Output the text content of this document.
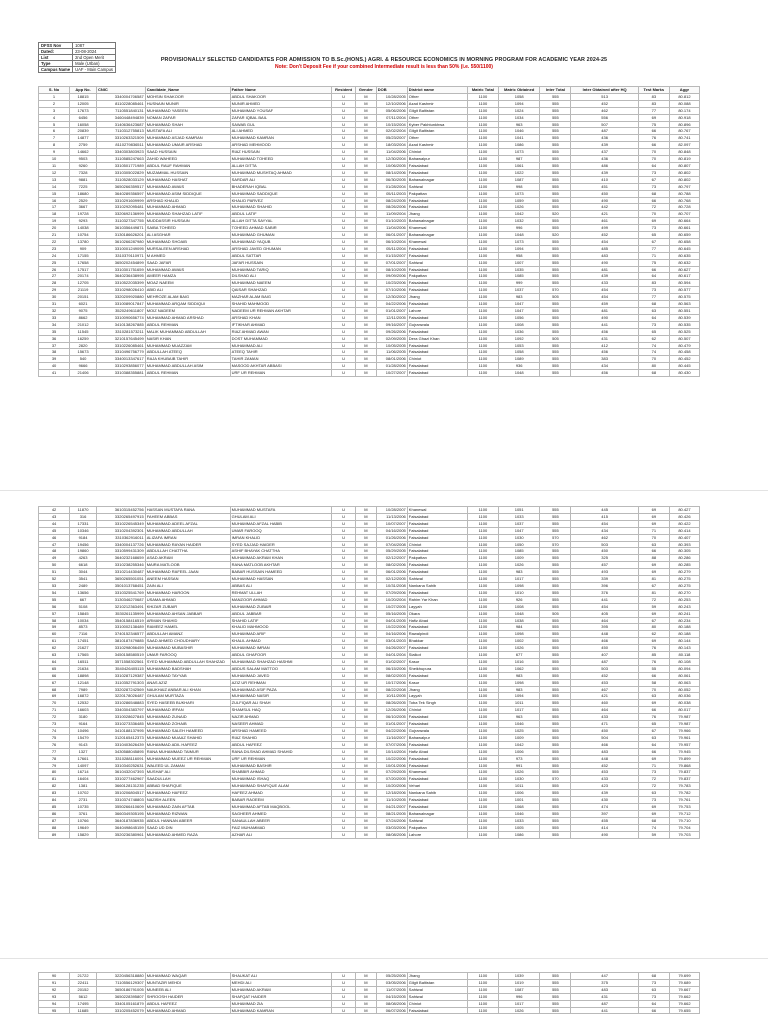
DFSS Nov	1087
Dated:	23-08-2024
List	2nd Open Merit
Type	Male (Urban)
Campus Name	UAF - Main Campus
PROVISIONALLY SELECTED CANDIDATES FOR ADMISSION TO B.Sc.(HONS.) AGRI. & RESOURCE ECONOMICS IN MORNING PROGRAM FOR ACADEMIC YEAR 2024-25
Note: Don't Deposit Fee if your combined Intermediate result is less than 50% (i.e. 550/1100)
S. No	App No.	CNIC	Candidate_Name	Father Name	Resident	Gender	DOB	District name	Matric Total	Matric Obtained	Inter Total	Inter Obtained after HQ	Test Marks	Aggr
1	18815	3340004706587	MOHSIN SHAKOOR	ABDUL SHAKOOR	U	M	10/28/2005	Other	1100	1058	555	513	83	80.812
2	12005	8110228085461	HUSNAIN MUNIR	MUNIR AHMED	U	M	12/10/2006	Azad Kashmir	1100	1094	555	452	83	80.088
3	17673	7110551840131	MUHAMMAD YASEEN	MUHAMMAD YOUSAF	U	M	05/06/2006	Gilgit Baltistan	1100	1024	555	462	77	80.174
4	6456	3460448494839	NOMAN ZAFAR	ZAFAR IQBAL BAIL	U	M	07/11/2004	Other	1100	1034	555	556	69	80.918
5	16058	3140636423687	MUHAMMAD SHAH	SAWAB GUL	U	M	10/15/2004	Kyber Pakhtunkhwa	1100	963	555	507	75	80.896
6	20839	7110312755813	MUSTAFA ALI	ALI AHMED	U	M	02/02/2004	Gilgit Baltistan	1100	1046	555	487	66	80.767
7	14877	3310263321509	MUHAMMAD ASJAD KAMRAN	MUHAMMAD KAMRAN	U	M	05/23/2007	Other	1100	1041	555	436	76	80.741
8	2759	8110279836511	MUHAMMAD UMAIR ARSHAD	ARSHAD MEHMOOD	U	M	18/03/2004	Azad Kashmir	1100	1086	555	439	66	82.097
9	14662	3340303803923	SAAD HUSSAIN	RIAZ HUSSAIN	U	M	11/04/2006	Chiniot	1100	1073	555	437	70	80.848
10	9503	3110585247663	ZAHID WAHEED	MUHAMMAD TOHEED	U	M	12/30/2004	Bahawalpur	1100	987	555	436	70	80.819
11	9260	3310501771989	ABDUL RAUF RAHMAN	ALLAH DITTA	U	M	10/06/2005	Faisalabad	1100	1061	555	486	64	80.807
12	7328	3310305022829	MUZAMMAL HUSSAIN	MUHAMMAD MUSHTAQ AHMAD	U	M	08/14/2006	Faisalabad	1100	1022	555	439	73	80.802
13	9881	3110528033129	MUHAMMAD HASHAT	SARDAR ALI	U	M	06/30/2005	Bahawalnagar	1100	1087	555	410	67	80.802
14	7225	3650266359517	MUHAMMAD AWAIS	BHADERAH IQBAL	U	M	01/28/2004	Sahiwal	1100	998	555	451	73	80.797
15	18680	3640289356597	MUHAMMAD ASIM SIDDIQUE	MUHAMMAD SADDIQUE	U	M	05/11/2003	Pakpattan	1100	1073	555	450	68	80.788
16	2529	3310291609999	ARSHAD KHALID	KHALID PARVEZ	U	M	08/24/2005	Faisalabad	1100	1059	555	490	66	80.768
17	3667	3310292095481	MUHAMMAD AHMAD	MUHAMMAD SHAHID	U	M	08/26/2006	Faisalabad	1100	1026	555	442	72	80.728
18	19728	3320692136999	MUHAMMAD SHAHZAD LATIF	ABDUL LATIF	U	M	11/09/2004	Jhang	1100	1042	520	421	70	80.707
19	9293	3110327347755	MUDDASSIR HUSSAIN	ALLAH DITTA SAYYAL	U	M	01/10/2003	Bahawalnagar	1100	1032	555	461	69	80.664
20	14038	3610356449871	SAIBA TOHEED	TOHEED AHMAD SABIR	U	M	11/04/2006	Khanewal	1100	996	555	499	73	80.661
21	10754	3130186626201	ALI ASGHAR	MUHAMMAD GHUMAN	U	M	06/01/2007	Bahawalnagar	1100	1048	520	452	65	80.659
22	13780	3610266287980	MUHAMMAD SHOAIB	MUHAMMAD YAQUB	U	M	06/10/2004	Khanewal	1100	1073	555	454	67	80.658
23	909	3310001249095	MURSALEEN ARSHAD	ARSHAD JAVED GHUMAN	U	M	05/11/2004	Faisalabad	1100	1094	555	485	77	80.645
24	17155	3310379110971	M AHMED	ABDUL SATTAR	U	M	01/15/2007	Faisalabad	1100	958	555	483	71	80.635
25	17658	3650202454899	SAAD JAFAR	JAFAR HUSSAIN	U	M	07/01/2007	Sahiwal	1100	1007	555	490	75	80.632
26	17517	3310301751659	MUHAMMAD AWAIS	MUHAMMAD TARIQ	U	M	08/10/2005	Faisalabad	1100	1035	555	481	66	80.627
27	20174	3640236438995	AMEER HAMZA	DILSHAD ALI	U	M	09/09/2006	Pakpattan	1100	1085	555	439	64	80.617
28	12705	3310522035399	MOAZ NAEEM	MUHAMMAD NAEEM	U	M	10/23/2006	Faisalabad	1100	999	555	433	83	80.594
29	21119	3310298026410	ABID ALI	QAISAR SHAHZAD	U	M	07/10/2006	Faisalabad	1100	1037	570	454	73	80.577
30	20151	3320209920880	MEHROZE ALAM BAIG	MAZHAR ALAM BAIG	U	M	12/30/2002	Jhang	1100	983	505	454	77	80.575
31	6021	3310089017847	MUHAMMAD ARQAM SIDDIQUI	SHAHID MAHMOOD	U	M	04/22/2006	Faisalabad	1100	1047	555	459	68	80.563
32	9075	3520249611807	MOIZ NADEEM	NADEEM UR REHMAN AKHTAR	U	M	01/01/2007	Lahore	1100	1047	555	481	63	80.551
33	8662	3310090656774	MUHAMMAD AHMAD ARSHAD	ARSHAD KHAN	U	M	12/11/2005	Faisalabad	1100	1056	555	490	64	80.539
34	21012	3410138267885	ABDUL REHMAN	IFTIKHAR AHMAD	U	M	09/16/2007	Gujranwala	1100	1008	555	441	73	80.535
35	11545	3310281573211	MALIK MUHAMMAD ABDULLAH	RIAZ AHMAD AWAN	U	M	09/26/2006	Faisalabad	1100	1036	555	456	65	80.525
36	16259	3210157645499	NASIR KHAN	DOST MUHAMMAD	U	M	02/09/2005	Dera Ghazi Khan	1100	1092	505	431	62	80.507
37	2820	3310226085461	MUHAMMAD MUAZZAM	MUHAMMAD ALI	U	M	10/05/2005	Faisalabad	1100	1053	555	412	74	80.479
38	15673	3310496756779	ABDULLAH ATEEQ	ATEEQ TAHIR	U	M	11/06/2005	Faisalabad	1100	1058	555	456	74	80.458
39	540	3340013347617	RAJA KHUBAIB TAHIR	TAHIR ZAMAN	U	M	08/01/2006	Chiniot	1100	1089	555	383	70	80.452
40	9666	3310293856077	MUHAMMAD ABDULLAH ASIM	MASOOD AKHTAR ABBASI	U	M	01/28/2006	Faisalabad	1100	936	555	434	80	80.445
41	21406	3310388355881	ABDUL REHMAN	URF UR REHMAN	U	M	10/27/2007	Faisalabad	1100	1048	555	456	68	80.430
42	11870	3610315452756	HASSAN MUSTAFA RANA	MUHAMMAD MUSTAFA	U	M	10/28/2007	Khanewal	1100	1051	555	445	69	80.427
43	316	3320265497915	FAHEEM ABBAS	GHULAM ALI	U	M	11/13/2006	Faisalabad	1100	1033	555	415	69	80.426
44	17331	3310226545349	MUHAMMAD ADEEL AFZAL	MUHAMMAD AFZAL HABIB	U	M	10/07/2007	Faisalabad	1100	1037	555	454	69	80.422
45	10346	3310204392301	MUHAMMAD ABDULLAH	UMAR FAROOQ	U	M	04/16/2005	Faisalabad	1100	1047	555	434	71	80.414
46	9184	3310362916011	ALIZAFA IMRAN	IMRAN KHALID	U	M	01/26/2006	Faisalabad	1100	1030	570	462	70	80.407
47	19456	3340004137726	MUHAMMAD RAYAN HAIDER	SYED SAJJAD HAIDER	U	M	07/04/2008	Chiniot	1100	1050	570	503	63	80.393
48	19860	3310599431309	ABDULLAH CHATTHA	ASHIF BHAYAK CHATTHA	U	M	05/29/2005	Faisalabad	1100	1085	555	450	66	80.305
49	4263	3640232168659	ASAD AKRAM	MUHAMMAD AKRAM KHAN	U	M	02/12/2007	Pakpattan	1100	1009	555	325	88	80.286
50	6618	3310238255346	MAIRA MATLOOB	RANA MATLOOB AKHTAR	U	M	08/02/2006	Faisalabad	1100	1026	555	457	69	80.285
51	3044	3310214430487	MUHAMMAD RAFEEL JAAN	BABAR HUSSAIN HAMEED	U	M	06/01/2006	Faisalabad	1100	983	555	493	69	80.279
52	3541	3650265501051	ANEEM HASSAN	MUHAMMAD HASSAN	U	M	02/12/2005	Sahiwal	1100	1017	555	339	81	80.275
53	2489	3501013768451	ZAIN ALI	ABBAS ALI	U	M	10/31/2008	Nankana Sahib	1100	1098	555	396	67	80.275
54	13656	3310325541769	MUHAMMAD HAROON	REHMAT ULLAH	U	M	07/29/2006	Faisalabad	1100	1010	555	376	81	80.270
55	667	3130346270687	USAMA AHMAD	MANZOOR AHMAD	U	M	10/20/2004	Rahim Yar Khan	1100	926	555	441	72	80.253
56	5108	3210212363491	KHIZAR ZUBAIR	MUHAMMAD ZUBAIR	U	M	10/27/2005	Layyah	1100	1008	555	454	59	80.243
57	15845	3530261135999	MUHAMMAD AHSAN JABBAR	ABDUL JABBAR	U	M	05/16/2005	Okara	1100	1048	505	405	69	80.241
58	10034	3540158416519	ARMAN SHAHID	SHAHID LATIF	U	M	04/01/2005	Hafiz Abad	1100	1038	555	464	67	80.234
59	8573	3310002138489	RAMEEZ HAMEL	KHALID MAHMOOD	U	M	10/22/2006	Faisalabad	1100	984	555	395	80	80.188
60	7116	3740152346577	ABDULLAH AMANZ	MUHAMMAD ARIF	U	M	04/16/2006	Rawalpindi	1100	1098	555	448	62	80.188
61	17451	3810187479885	SAAD AHMED CHOUDHARY	KHALIL AHMAD	U	M	03/01/2003	Bhakkar	1100	1002	555	466	69	80.144
62	21627	3310298056459	MUHAMMAD MUBASHIR	MUHAMMAD IMRAN	U	M	04/26/2007	Faisalabad	1100	1026	555	450	76	80.143
63	17565	3450158580519	UMAR FAROOQ	ABDUL GHAFOOR	U	M	04/01/2004	Sialkot	1100	677	555	407	85	80.118
64	16511	3571558302561	SYED MUHAMMAD ABDULLAH SHAHZAD	MUHAMMAD SHAHZAD HASHMI	U	M	01/02/2007	Kasur	1100	1016	555	487	76	80.108
65	21634	3540426405115	MUHAMMAD BADSHAH	ABDUS SALAM MATTOO	U	M	06/15/2006	Sheikhupura	1100	1062	555	503	55	80.094
66	18898	3310287129387	MUHAMMAD TAYYAB	MUHAMMAD JAVED	U	M	08/02/2003	Faisalabad	1100	983	555	452	66	80.061
67	12148	3110352791303	ANAS AZIZ	AZIZ UR REHMAN	U	M	10/17/2006	Kasur	1100	1098	555	453	58	80.063
68	7989	3320287242569	NAUKHAIZ ANBAR ALI KHAN	MUHAMMAD ASIF PAZA	U	M	08/22/2008	Jhang	1100	983	555	467	70	80.052
69	16872	3220178026487	GHULAM MURTAZA	MUHAMMAD NASIR	U	M	10/11/2005	Layyah	1100	1094	555	421	63	80.036
70	12532	3310286548883	SYED HASEEB BUKHARI	ZULFIQAR ALI SHAH	U	M	08/26/2005	Toba Tek Singh	1100	1011	555	460	69	80.038
71	16603	3340304383797	MUHAMMAD IRFAN	SHAMSUL HAQ	U	M	12/26/2006	Chiniot	1100	1017	555	464	66	80.017
72	3180	3310028627845	MUHAMMAD ZUNAID	NAZIR AHMAD	U	M	06/10/2005	Faisalabad	1100	963	555	433	76	79.987
73	9164	3310273336485	MUHAMMAD ZOHAIB	NASEER AHMAD	U	M	01/01/2007	Faisalabad	1100	1046	555	471	65	79.987
74	10496	3410188137995	MUHAMMAD SALEH HAMEED	ARSHAD HAMEED	U	M	04/22/2006	Gujranwala	1100	1025	555	450	67	79.966
75	15479	3120165412373	MUHAMMAD MUAAZ SHAHID	RIAZ SHAHID	U	M	11/16/2007	Bahawalpur	1100	1009	555	504	63	79.961
76	9143	3310403626439	MUHAMMAD ADIL HAFEEZ	ABDUL HAFEEZ	U	M	07/07/2006	Faisalabad	1100	1042	555	466	64	79.957
77	1327	3430588045895	RANA MUHAMMAD TAIMUR	RANA DILSHAD AHMAD SHAHID	U	M	10/14/2004	Hafiz Abad	1100	1006	555	483	66	79.945
78	17661	3310288116091	MUHAMMAD MUEEZ UR REHMAN	URF UR REHMAN	U	M	10/22/2006	Faisalabad	1100	973	555	448	69	79.899
79	14097	3310340252631	WALEED UL ZAMAN	MUHAMMAD BASHIR	U	M	10/01/2006	Faisalabad	1100	991	555	452	71	79.868
80	16714	3610432047393	MUSHAF ALI	SHABBIR AHMAD	U	M	07/29/2005	Khanewal	1100	1026	555	453	73	79.837
81	16404	3310277462967	SAADULLAH	MUHAMMAD ISHAQ	U	M	07/20/2005	Faisalabad	1100	1030	570	433	72	79.837
82	1381	3660128131235	ABBAD SHAFIQUE	MUHAMMAD SHAFIQUE ALAM	U	M	10/20/2006	Vehari	1100	1011	555	423	72	79.783
83	10702	3510206804517	MUHAMMAD HAFEEZ	HAFEEZ AHMAD	U	M	12/18/2006	Nankana Sahib	1100	1006	555	439	63	79.782
84	2731	3310374748803	NAZISH ALEEN	BABAR RAOEEM	U	M	11/10/2005	Faisalabad	1100	1001	555	430	73	79.761
85	10735	3550266410609	MUHAMMAD ZAIN AFTAB	MUHAMMAD AFTAB MAQBOOL	U	M	04/21/2007	Faisalabad	1100	1068	555	474	69	79.753
86	3761	3660349305195	MUHAMMAD RIZWAN	SAGHEER AHMED	U	M	08/21/2005	Bahawalnagar	1100	1046	555	397	69	79.712
87	10766	3640187836935	ABDUL HANNAN ABEER	SANAULLAH ABEER	U	M	07/24/2006	Sahiwal	1100	1033	555	455	68	79.710
88	19649	3640498645159	SAAD UD DIN	FAIZ MUHAMMAD	U	M	03/03/2006	Pakpattan	1100	1005	555	414	74	79.704
89	15829	3520236380961	MUHAMMAD AHMED RAZA	AZHAR ALI	U	M	08/08/2006	Lahore	1100	1086	555	490	59	79.703
90	21722	3220456318880	MUHAMMAD WAQAR	SHAUKAT ALI	U	M	05/25/2005	Jhang	1100	1039	555	447	68	79.699
91	22411	7110556129307	MUNTAZIR MEHDI	MEHDI ALI	U	M	03/05/2006	Gilgit Baltistan	1100	1019	555	375	73	79.689
92	20152	3650186791005	MUNEEB ALI	MUHAMMAD AKRAM	U	M	11/07/2005	Sahiwal	1100	1087	555	483	63	79.667
93	5612	3650228395807	SHROOSH HAIDER	SHAFQAT HAIDER	U	M	04/15/2005	Sahiwal	1100	996	555	431	73	79.662
94	17495	3340105161879	ABDUL HAFEEZ	MUHAMMAD ZIA	U	M	08/08/2006	Chiniot	1100	1017	555	487	64	79.662
95	11685	3310205452079	MUHAMMAD AHMAD	MUHAMMAD KAMRAN	U	M	06/07/2006	Faisalabad	1100	1026	555	441	66	79.655
